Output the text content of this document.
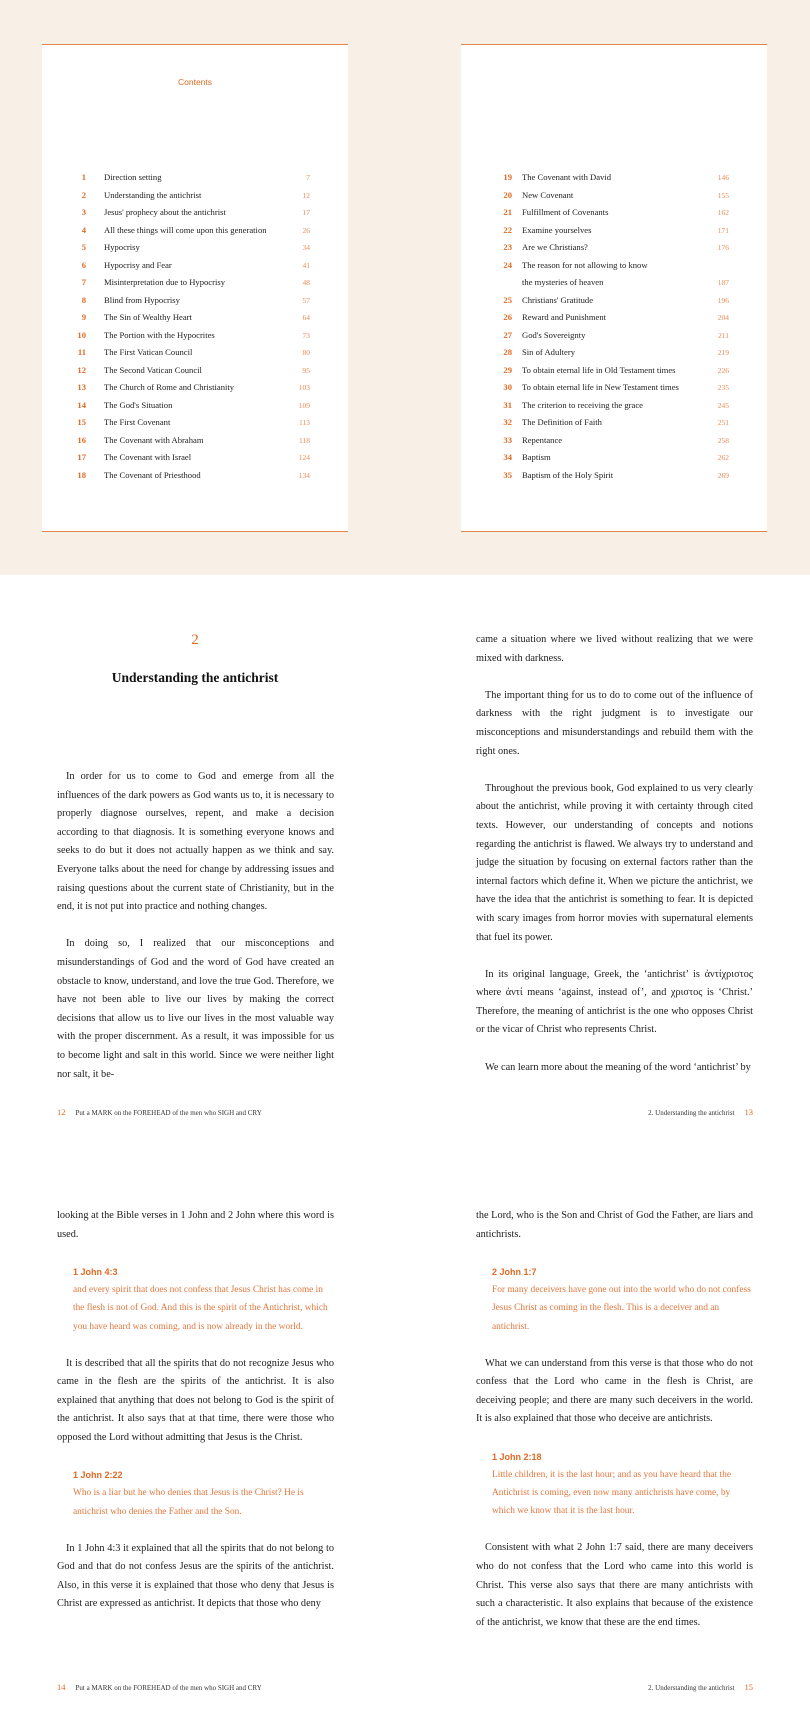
Contents
1 Direction setting	7
2 Understanding the antichrist	12
3 Jesus' prophecy about the antichrist	17
4 All these things will come upon this generation	26
5 Hypocrisy	34
6 Hypocrisy and Fear	41
7 Misinterpretation due to Hypocrisy	48
8 Blind from Hypocrisy	57
9 The Sin of Wealthy Heart	64
10 The Portion with the Hypocrites	73
11 The First Vatican Council	80
12 The Second Vatican Council	95
13 The Church of Rome and Christianity	103
14 The God's Situation	109
15 The First Covenant	113
16 The Covenant with Abraham	118
17 The Covenant with Israel	124
18 The Covenant of Priesthood	134
19 The Covenant with David	146
20 New Covenant	155
21 Fulfillment of Covenants	162
22 Examine yourselves	171
23 Are we Christians?	176
24 The reason for not allowing to know
the mysteries of heaven	187
25 Christians' Gratitude	196
26 Reward and Punishment	204
27 God's Sovereignty	211
28 Sin of Adultery	219
29 To obtain eternal life in Old Testament times	226
30 To obtain eternal life in New Testament times	235
31 The criterion to receiving the grace	245
32 The Definition of Faith	251
33 Repentance	258
34 Baptism	262
35 Baptism of the Holy Spirit	269
2
Understanding the antichrist

In order for us to come to God and emerge from all the influences of the dark powers as God wants us to, it is necessary to properly diagnose ourselves, repent, and make a decision according to that diagnosis. It is something everyone knows and seeks to do but it does not actually happen as we think and say. Everyone talks about the need for change by addressing issues and raising questions about the current state of Christianity, but in the end, it is not put into practice and nothing changes.

In doing so, I realized that our misconceptions and misunderstandings of God and the word of God have created an obstacle to know, understand, and love the true God. Therefore, we have not been able to live our lives by making the correct decisions that allow us to live our lives in the most valuable way with the proper discernment. As a result, it was impossible for us to become light and salt in this world. Since we were neither light nor salt, it be-

12 Put a MARK on the FOREHEAD of the men who SIGH and CRY

came a situation where we lived without realizing that we were mixed with darkness.

The important thing for us to do to come out of the influence of darkness with the right judgment is to investigate our misconceptions and misunderstandings and rebuild them with the right ones.

Throughout the previous book, God explained to us very clearly about the antichrist, while proving it with certainty through cited texts. However, our understanding of concepts and notions regarding the antichrist is flawed. We always try to understand and judge the situation by focusing on external factors rather than the internal factors which define it. When we picture the antichrist, we have the idea that the antichrist is something to fear. It is depicted with scary images from horror movies with supernatural elements that fuel its power.

In its original language, Greek, the ‘antichrist’ is ἀντίχριστος where ἀντί means ‘against, instead of’, and χριστος is ‘Christ.’ Therefore, the meaning of antichrist is the one who opposes Christ or the vicar of Christ who represents Christ.

We can learn more about the meaning of the word ‘antichrist’ by

2. Understanding the antichrist 13

looking at the Bible verses in 1 John and 2 John where this word is used.

1 John 4:3
and every spirit that does not confess that Jesus Christ has come in the flesh is not of God. And this is the spirit of the Antichrist, which you have heard was coming, and is now already in the world.

It is described that all the spirits that do not recognize Jesus who came in the flesh are the spirits of the antichrist. It is also explained that anything that does not belong to God is the spirit of the antichrist. It also says that at that time, there were those who opposed the Lord without admitting that Jesus is the Christ.

1 John 2:22
Who is a liar but he who denies that Jesus is the Christ? He is antichrist who denies the Father and the Son.

In 1 John 4:3 it explained that all the spirits that do not belong to God and that do not confess Jesus are the spirits of the antichrist. Also, in this verse it is explained that those who deny that Jesus is Christ are expressed as antichrist. It depicts that those who deny

14 Put a MARK on the FOREHEAD of the men who SIGH and CRY

the Lord, who is the Son and Christ of God the Father, are liars and antichrists.

2 John 1:7
For many deceivers have gone out into the world who do not confess Jesus Christ as coming in the flesh. This is a deceiver and an antichrist.

What we can understand from this verse is that those who do not confess that the Lord who came in the flesh is Christ, are deceiving people; and there are many such deceivers in the world. It is also explained that those who deceive are antichrists.

1 John 2:18
Little children, it is the last hour; and as you have heard that the Antichrist is coming, even now many antichrists have come, by which we know that it is the last hour.

Consistent with what 2 John 1:7 said, there are many deceivers who do not confess that the Lord who came into this world is Christ. This verse also says that there are many antichrists with such a characteristic. It also explains that because of the existence of the antichrist, we know that these are the end times.

2. Understanding the antichrist 15
